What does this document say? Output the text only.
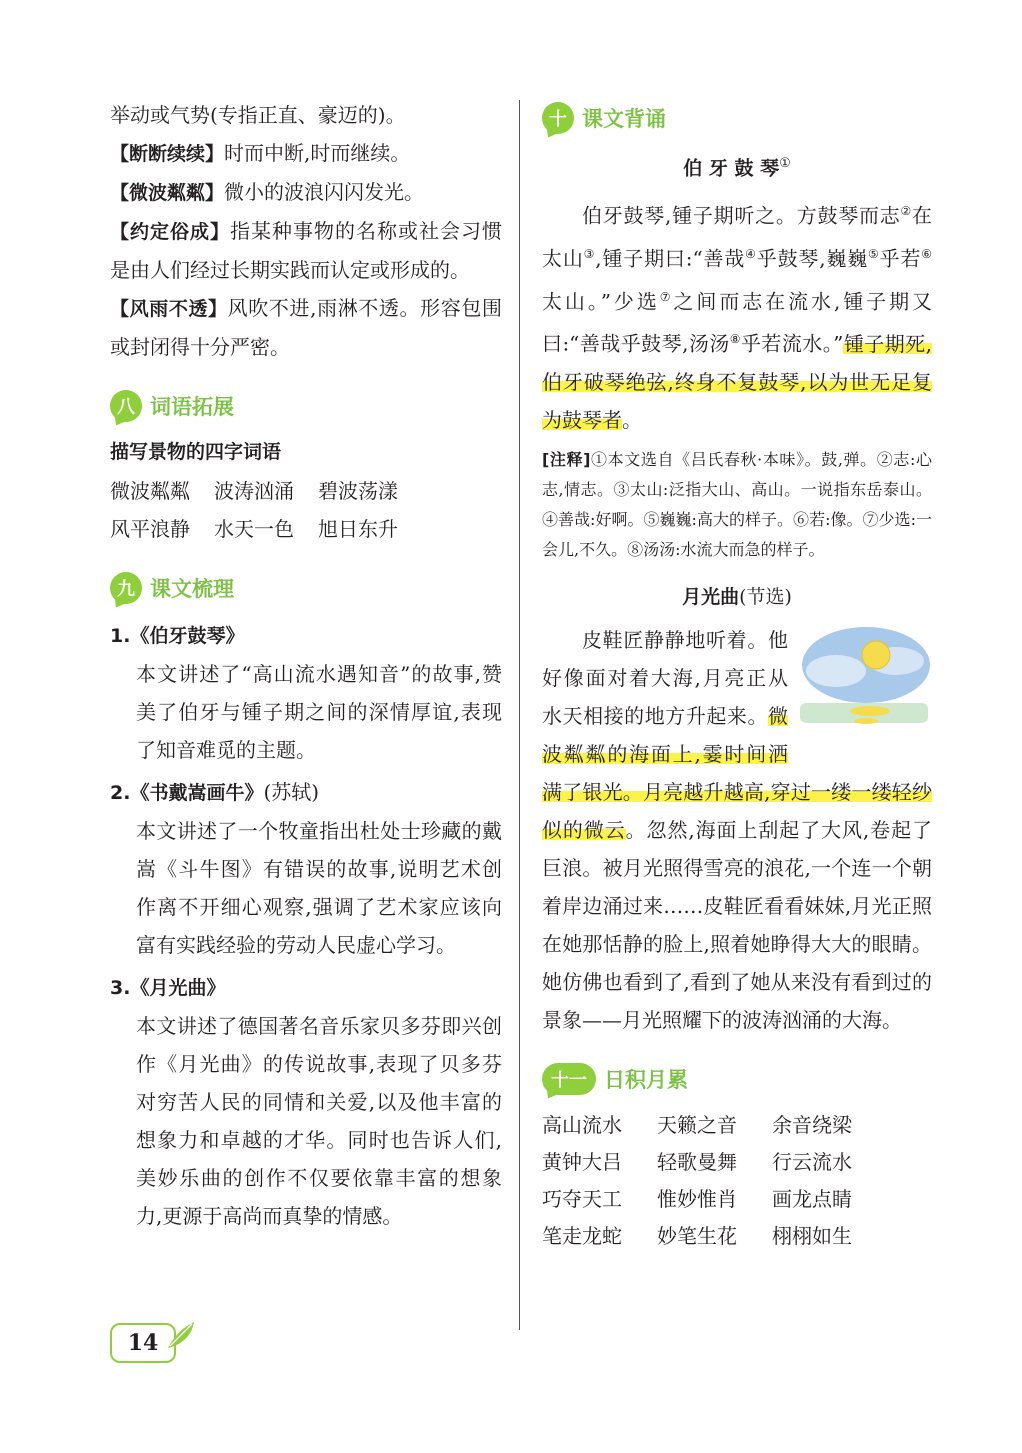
举动或气势(专指正直、豪迈的)。

【断断续续】时而中断,时而继续。

【微波粼粼】微小的波浪闪闪发光。

【约定俗成】指某种事物的名称或社会习惯是由人们经过长期实践而认定或形成的。

【风雨不透】风吹不进,雨淋不透。形容包围或封闭得十分严密。

八 词语拓展
描写景物的四字词语
微波粼粼 波涛汹涌 碧波荡漾
风平浪静 水天一色 旭日东升
九 课文梳理

1.《伯牙鼓琴》

本文讲述了“高山流水遇知音”的故事,赞美了伯牙与锺子期之间的深情厚谊,表现了知音难觅的主题。

2.《书戴嵩画牛》(苏轼)

本文讲述了一个牧童指出杜处士珍藏的戴嵩《斗牛图》有错误的故事,说明艺术创作离不开细心观察,强调了艺术家应该向富有实践经验的劳动人民虚心学习。

3.《月光曲》

本文讲述了德国著名音乐家贝多芬即兴创作《月光曲》的传说故事,表现了贝多芬对穷苦人民的同情和关爱,以及他丰富的想象力和卓越的才华。同时也告诉人们,美妙乐曲的创作不仅要依靠丰富的想象力,更源于高尚而真挚的情感。

十 课文背诵
伯 牙 鼓 琴①

伯牙鼓琴,锺子期听之。方鼓琴而志②在太山③,锺子期曰:“善哉④乎鼓琴,巍巍⑤乎若⑥太山。”少选⑦之间而志在流水,锺子期又曰:“善哉乎鼓琴,汤汤⑧乎若流水。”锺子期死,伯牙破琴绝弦,终身不复鼓琴,以为世无足复为鼓琴者。

[注释]①本文选自《吕氏春秋·本味》。鼓,弹。②志:心志,情志。③太山:泛指大山、高山。一说指东岳泰山。④善哉:好啊。⑤巍巍:高大的样子。⑥若:像。⑦少选:一会儿,不久。⑧汤汤:水流大而急的样子。

月光曲(节选)

皮鞋匠静静地听着。他好像面对着大海,月亮正从水天相接的地方升起来。微波粼粼的海面上,霎时间洒满了银光。月亮越升越高,穿过一缕一缕轻纱似的微云。忽然,海面上刮起了大风,卷起了巨浪。被月光照得雪亮的浪花,一个连一个朝着岸边涌过来……皮鞋匠看看妹妹,月光正照在她那恬静的脸上,照着她睁得大大的眼睛。她仿佛也看到了,看到了她从来没有看到过的景象——月光照耀下的波涛汹涌的大海。

十一 日积月累
高山流水 天籁之音 余音绕梁
黄钟大吕 轻歌曼舞 行云流水
巧夺天工 惟妙惟肖 画龙点睛
笔走龙蛇 妙笔生花 栩栩如生
14
